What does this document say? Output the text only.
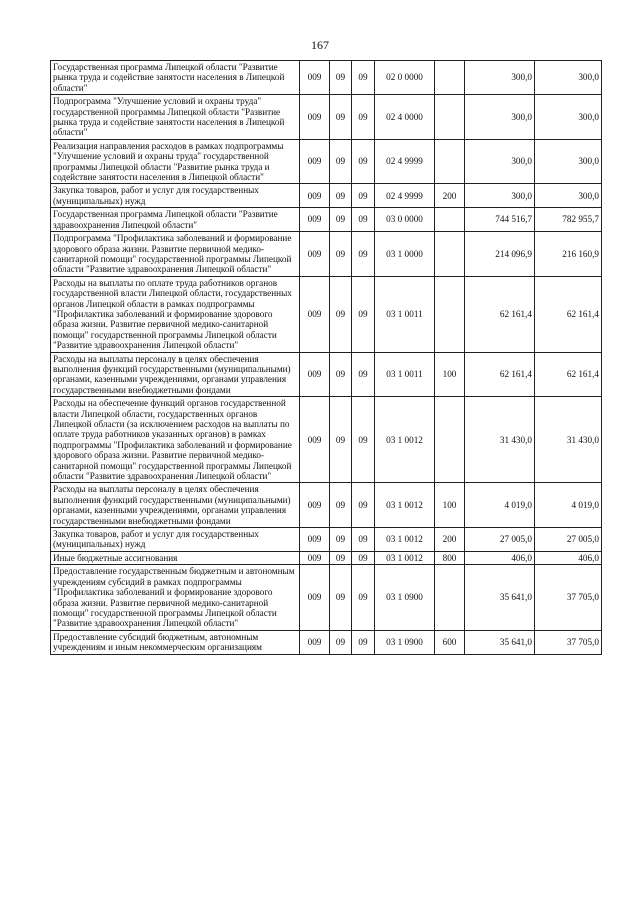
167
Государственная программа Липецкой области "Развитие рынка труда и содействие занятости населения в Липецкой области"	009	09	09	02 0 0000		300,0	300,0
Подпрограмма "Улучшение условий и охраны труда" государственной программы Липецкой области "Развитие рынка труда и содействие занятости населения в Липецкой области"	009	09	09	02 4 0000		300,0	300,0
Реализация направления расходов в рамках подпрограммы "Улучшение условий и охраны труда" государственной программы Липецкой области "Развитие рынка труда и содействие занятости населения в Липецкой области"	009	09	09	02 4 9999		300,0	300,0
Закупка товаров, работ и услуг для государственных (муниципальных) нужд	009	09	09	02 4 9999	200	300,0	300,0
Государственная программа Липецкой области "Развитие здравоохранения Липецкой области"	009	09	09	03 0 0000		744 516,7	782 955,7
Подпрограмма "Профилактика заболеваний и формирование здорового образа жизни. Развитие первичной медико-санитарной помощи" государственной программы Липецкой области "Развитие здравоохранения Липецкой области"	009	09	09	03 1 0000		214 096,9	216 160,9
Расходы на выплаты по оплате труда работников органов государственной власти Липецкой области, государственных органов Липецкой области в рамках подпрограммы "Профилактика заболеваний и формирование здорового образа жизни. Развитие первичной медико-санитарной помощи" государственной программы Липецкой области "Развитие здравоохранения Липецкой области"	009	09	09	03 1 0011		62 161,4	62 161,4
Расходы на выплаты персоналу в целях обеспечения выполнения функций государственными (муниципальными) органами, казенными учреждениями, органами управления государственными внебюджетными фондами	009	09	09	03 1 0011	100	62 161,4	62 161,4
Расходы на обеспечение функций органов государственной власти Липецкой области, государственных органов Липецкой области (за исключением расходов на выплаты по оплате труда работников указанных органов) в рамках подпрограммы "Профилактика заболеваний и формирование здорового образа жизни. Развитие первичной медико-санитарной помощи" государственной программы Липецкой области "Развитие здравоохранения Липецкой области"	009	09	09	03 1 0012		31 430,0	31 430,0
Расходы на выплаты персоналу в целях обеспечения выполнения функций государственными (муниципальными) органами, казенными учреждениями, органами управления государственными внебюджетными фондами	009	09	09	03 1 0012	100	4 019,0	4 019,0
Закупка товаров, работ и услуг для государственных (муниципальных) нужд	009	09	09	03 1 0012	200	27 005,0	27 005,0
Иные бюджетные ассигнования	009	09	09	03 1 0012	800	406,0	406,0
Предоставление государственным бюджетным и автономным учреждениям субсидий в рамках подпрограммы "Профилактика заболеваний и формирование здорового образа жизни. Развитие первичной медико-санитарной помощи" государственной программы Липецкой области "Развитие здравоохранения Липецкой области"	009	09	09	03 1 0900		35 641,0	37 705,0
Предоставление субсидий бюджетным, автономным учреждениям и иным некоммерческим организациям	009	09	09	03 1 0900	600	35 641,0	37 705,0
